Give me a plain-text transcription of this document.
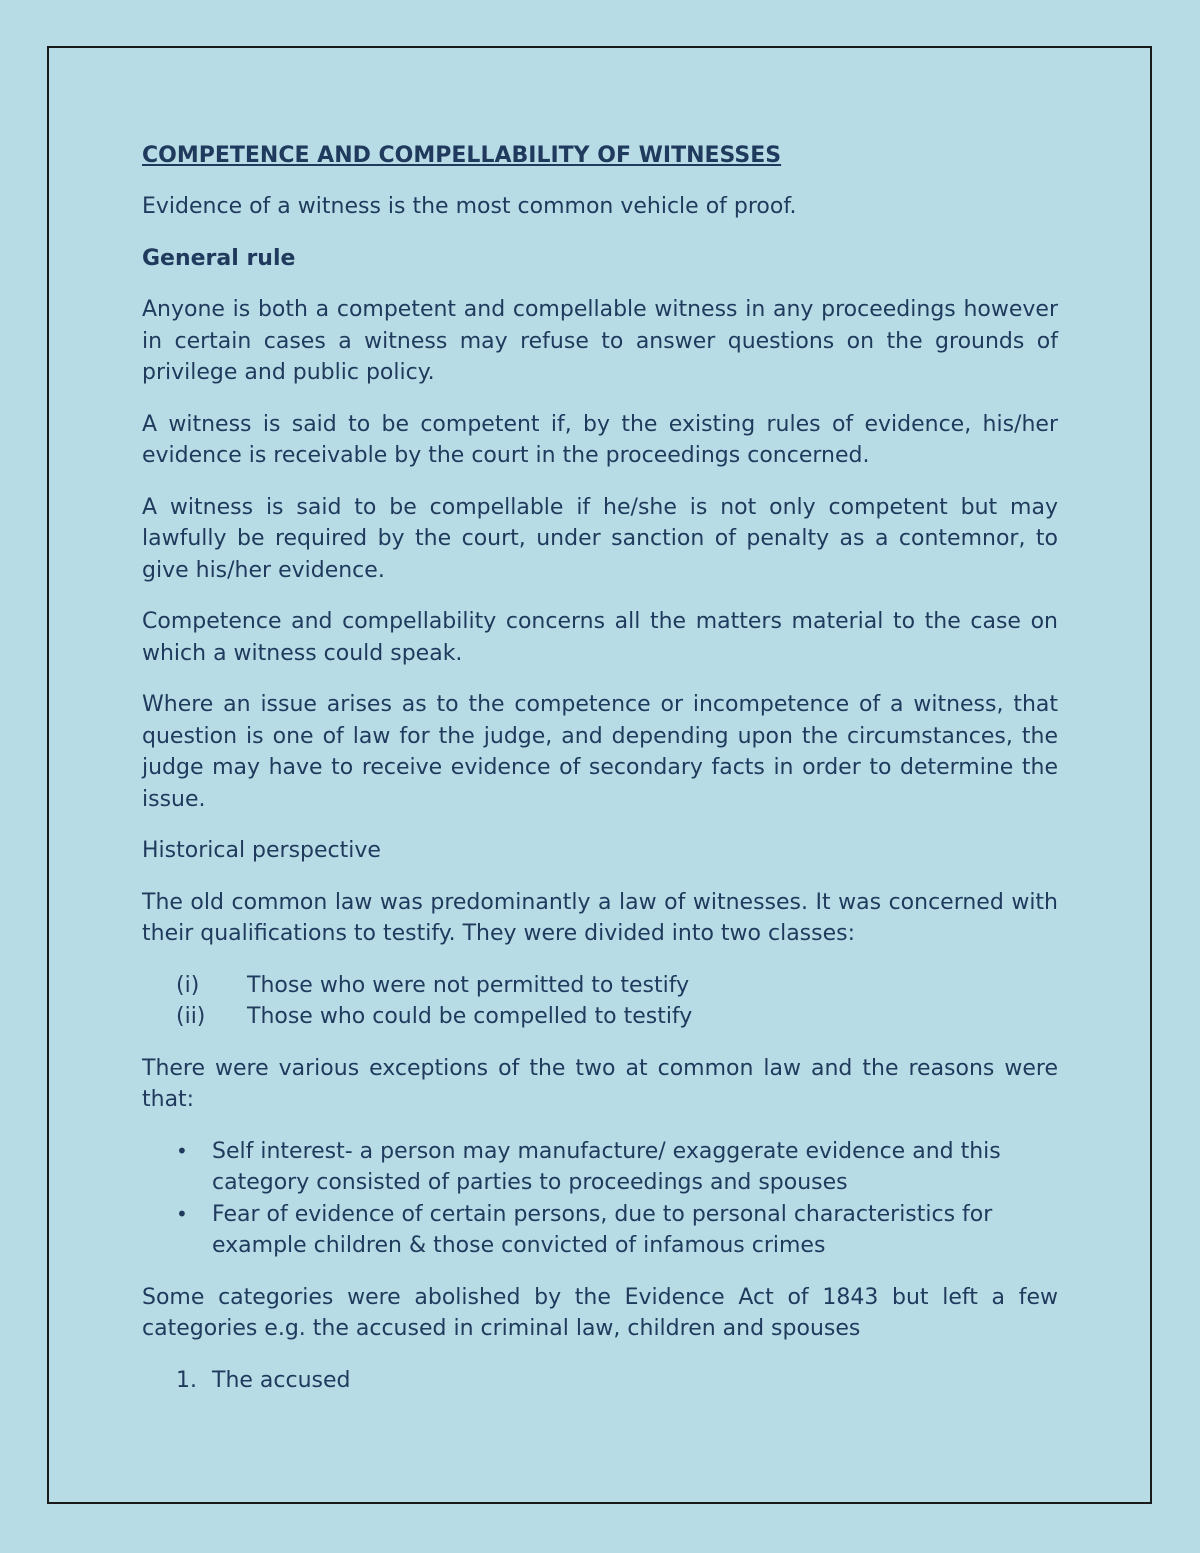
COMPETENCE AND COMPELLABILITY OF WITNESSES

Evidence of a witness is the most common vehicle of proof.

General rule

Anyone is both a competent and compellable witness in any proceedings however in certain cases a witness may refuse to answer questions on the grounds of privilege and public policy.

A witness is said to be competent if, by the existing rules of evidence, his/her evidence is receivable by the court in the proceedings concerned.

A witness is said to be compellable if he/she is not only competent but may lawfully be required by the court, under sanction of penalty as a contemnor, to give his/her evidence.

Competence and compellability concerns all the matters material to the case on which a witness could speak.

Where an issue arises as to the competence or incompetence of a witness, that question is one of law for the judge, and depending upon the circumstances, the judge may have to receive evidence of secondary facts in order to determine the issue.

Historical perspective

The old common law was predominantly a law of witnesses. It was concerned with their qualifications to testify. They were divided into two classes:

(i)	Those who were not permitted to testify
(ii)	Those who could be compelled to testify

There were various exceptions of the two at common law and the reasons were that:

•	Self interest- a person may manufacture/ exaggerate evidence and this category consisted of parties to proceedings and spouses
•	Fear of evidence of certain persons, due to personal characteristics for example children & those convicted of infamous crimes

Some categories were abolished by the Evidence Act of 1843 but left a few categories e.g. the accused in criminal law, children and spouses

1. The accused
